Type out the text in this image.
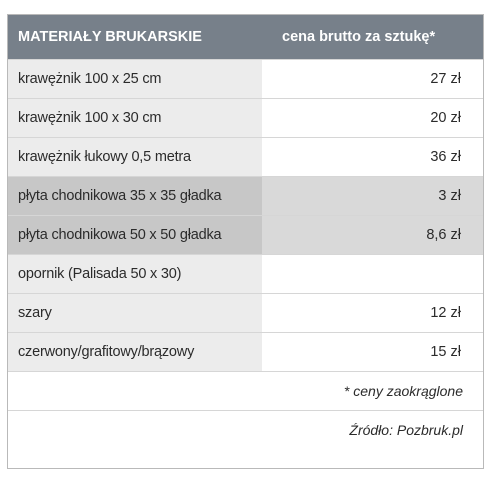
MATERIAŁY BRUKARSKIE	cena brutto za sztukę*
krawężnik 100 x 25 cm	27 zł
krawężnik 100 x 30 cm	20 zł
krawężnik łukowy 0,5 metra	36 zł
płyta chodnikowa 35 x 35 gładka	3 zł
płyta chodnikowa 50 x 50 gładka	8,6 zł
opornik (Palisada 50 x 30)
szary	12 zł
czerwony/grafitowy/brązowy	15 zł
* ceny zaokrąglone
Źródło: Pozbruk.pl
